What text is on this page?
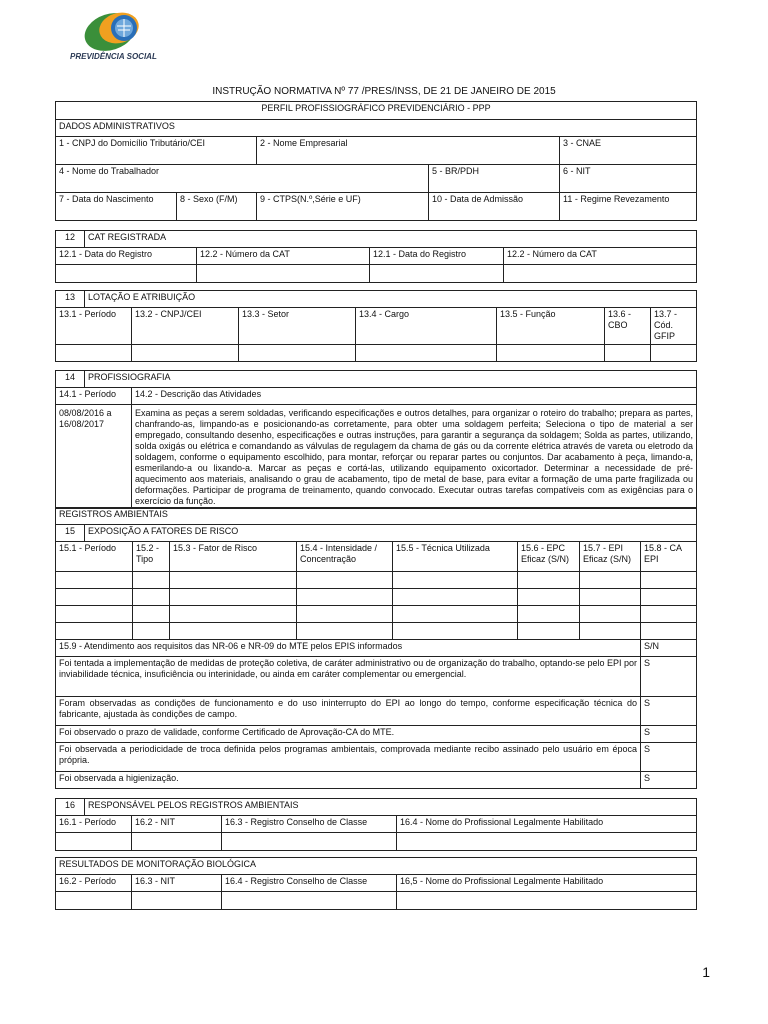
PREVIDÊNCIA SOCIAL
INSTRUÇÃO NORMATIVA Nº 77 /PRES/INSS, DE 21 DE JANEIRO DE 2015
PERFIL PROFISSIOGRÁFICO PREVIDENCIÁRIO - PPP				
DADOS ADMINISTRATIVOS				
1 - CNPJ do Domicílio Tributário/CEI		2 - Nome Empresarial		3 - CNAE
4 - Nome do Trabalhador			5 - BR/PDH	6 - NIT
7 - Data do Nascimento	8 - Sexo (F/M)	9 - CTPS(N.º,Série e UF)	10 - Data de Admissão	11 - Regime Revezamento
12	CAT REGISTRADA			
12.1 - Data do Registro		12.2 - Número da CAT	12.1 - Data do Registro	12.2 - Número da CAT

13	LOTAÇÃO E ATRIBUIÇÃO						
13.1 - Período		13.2 - CNPJ/CEI	13.3 - Setor	13.4 - Cargo	13.5 - Função	13.6 - CBO	13.7 - Cód. GFIP

14	PROFISSIOGRAFIA	
14.1 - Período		14.2 - Descrição das Atividades
08/08/2016 a 16/08/2017		Examina as peças a serem soldadas, verificando especificações e outros detalhes, para organizar o roteiro do trabalho; prepara as partes, chanfrando-as, limpando-as e posicionando-as corretamente, para obter uma soldagem perfeita; Seleciona o tipo de material a ser empregado, consultando desenho, especificações e outras instruções, para garantir a segurança da soldagem; Solda as partes, utilizando, solda oxigás ou elétrica e comandando as válvulas de regulagem da chama de gás ou da corrente elétrica através de vareta ou eletrodo da soldagem, conforme o equipamento escolhido, para montar, reforçar ou reparar partes ou conjuntos. Dar acabamento à peça, limando-a, esmerilando-a ou lixando-a. Marcar as peças e cortá-las, utilizando equipamento oxicortador. Determinar a necessidade de pré-aquecimento aos materiais, analisando o grau de acabamento, tipo de metal de base, para evitar a formação de uma parte fragilizada ou deformações. Participar de programa de treinamento, quando convocado. Executar outras tarefas compatíveis com as exigências para o exercício da função.
REGISTROS AMBIENTAIS								
15	EXPOSIÇÃO A FATORES DE RISCO							
15.1 - Período		15.2 - Tipo	15.3 - Fator de Risco	15.4 - Intensidade / Concentração	15.5 - Técnica Utilizada	15.6 - EPC Eficaz (S/N)	15.7 - EPI Eficaz (S/N)	15.8 - CA EPI

15.9 - Atendimento aos requisitos das NR-06 e NR-09 do MTE pelos EPIS informados								S/N
Foi tentada a implementação de medidas de proteção coletiva, de caráter administrativo ou de organização do trabalho, optando-se pelo EPI por inviabilidade técnica, insuficiência ou interinidade, ou ainda em caráter complementar ou emergencial.								S
Foram observadas as condições de funcionamento e do uso ininterrupto do EPI ao longo do tempo, conforme especificação técnica do fabricante, ajustada às condições de campo.								S
Foi observado o prazo de validade, conforme Certificado de Aprovação-CA do MTE.								S
Foi observada a periodicidade de troca definida pelos programas ambientais, comprovada mediante recibo assinado pelo usuário em época própria.								S
Foi observada a higienização.								S
16	RESPONSÁVEL PELOS REGISTROS AMBIENTAIS			
16.1 - Período		16.2 - NIT	16.3 - Registro Conselho de Classe	16.4 - Nome do Profissional Legalmente Habilitado

RESULTADOS DE MONITORAÇÃO BIOLÓGICA			
16.2 - Período	16.3 - NIT	16.4 - Registro Conselho de Classe	16,5 - Nome do Profissional Legalmente Habilitado

1
